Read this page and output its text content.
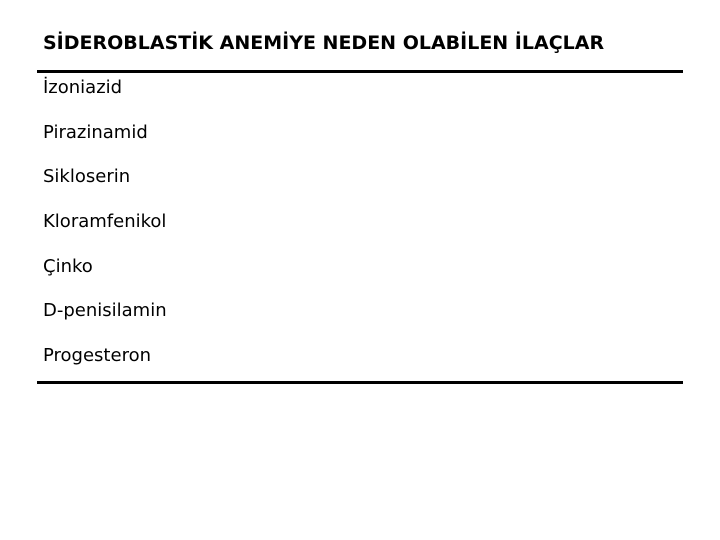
SİDEROBLASTİK ANEMİYE NEDEN OLABİLEN İLAÇLAR
İzoniazid
Pirazinamid
Sikloserin
Kloramfenikol
Çinko
D-penisilamin
Progesteron
